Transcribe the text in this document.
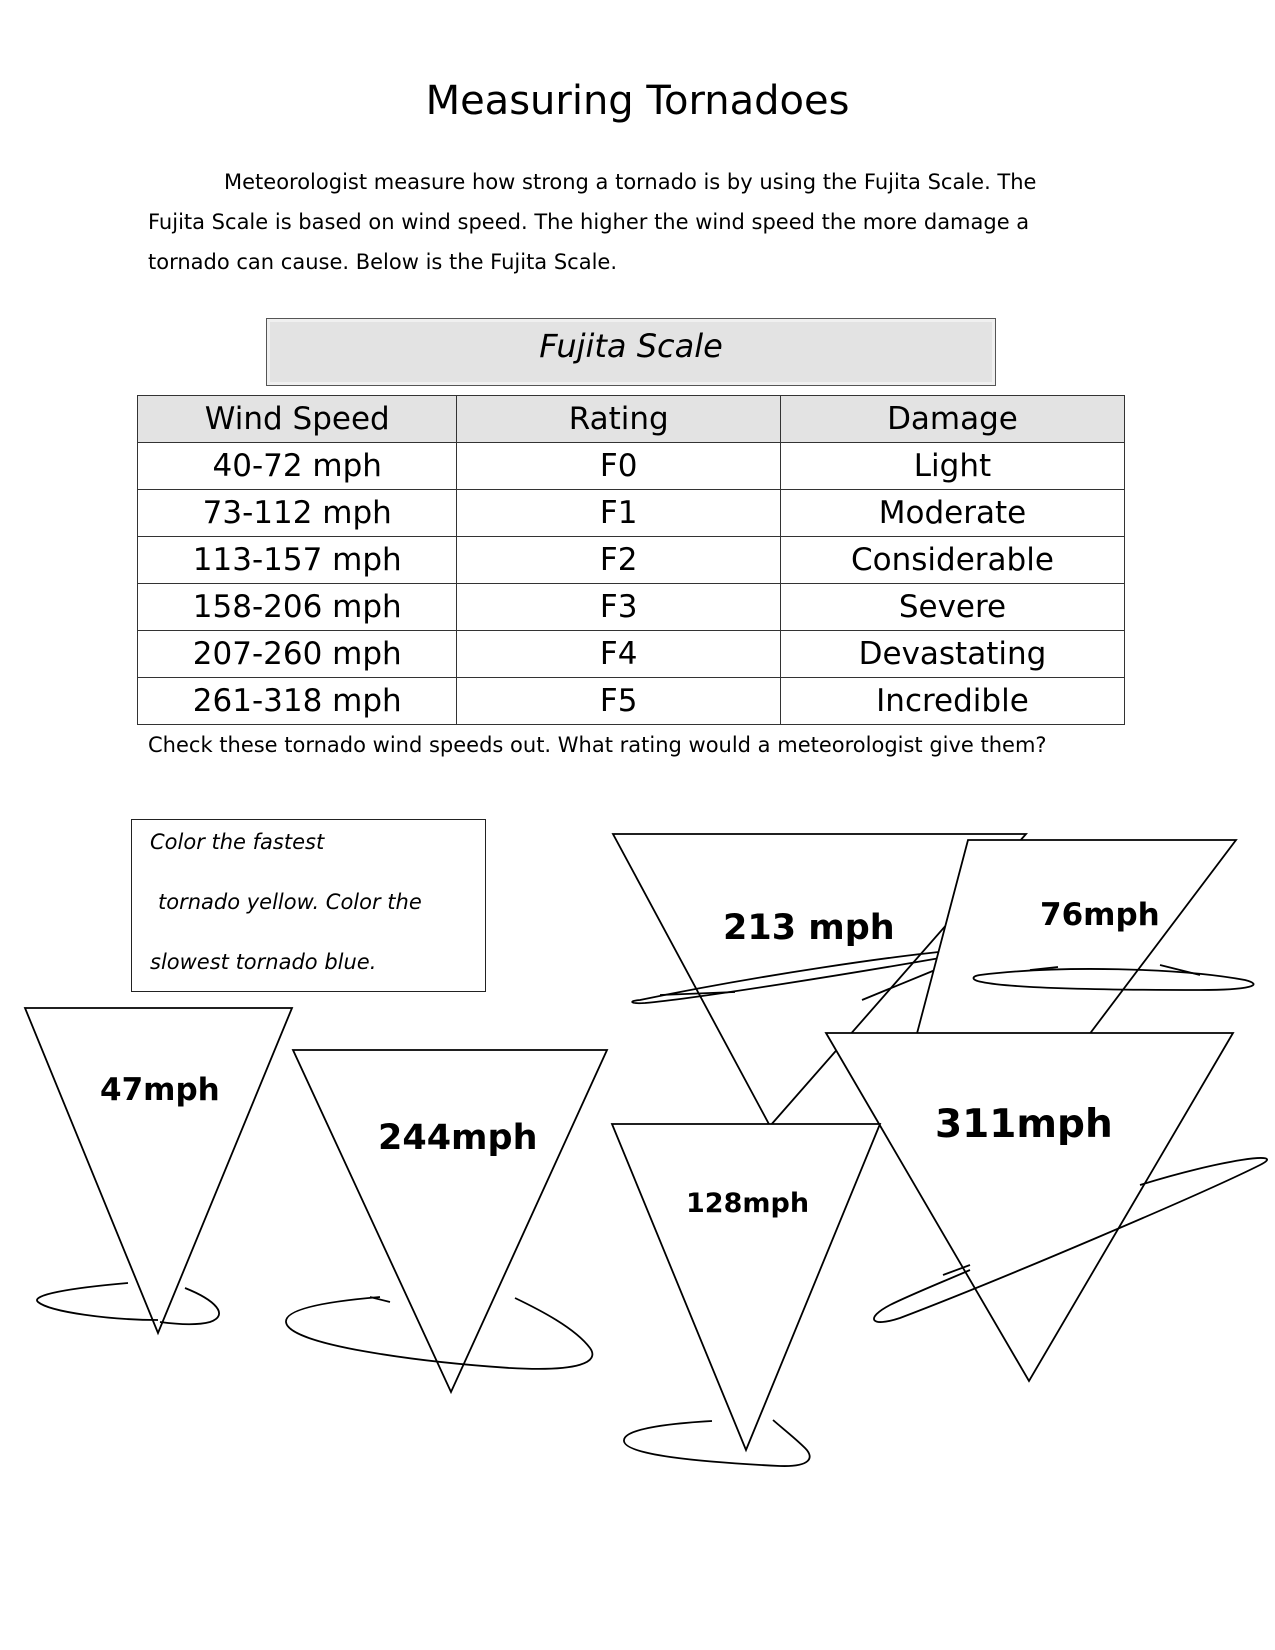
Measuring Tornadoes

Meteorologist measure how strong a tornado is by using the Fujita Scale. The Fujita Scale is based on wind speed. The higher the wind speed the more damage a tornado can cause. Below is the Fujita Scale.

Fujita Scale
Wind Speed	Rating	Damage
40-72 mph	F0	Light
73-112 mph	F1	Moderate
113-157 mph	F2	Considerable
158-206 mph	F3	Severe
207-260 mph	F4	Devastating
261-318 mph	F5	Incredible
Check these tornado wind speeds out. What rating would a meteorologist give them?
Color the fastest
tornado yellow. Color the
slowest tornado blue.
213 mph	76mph
47mph
244mph	311mph
128mph
